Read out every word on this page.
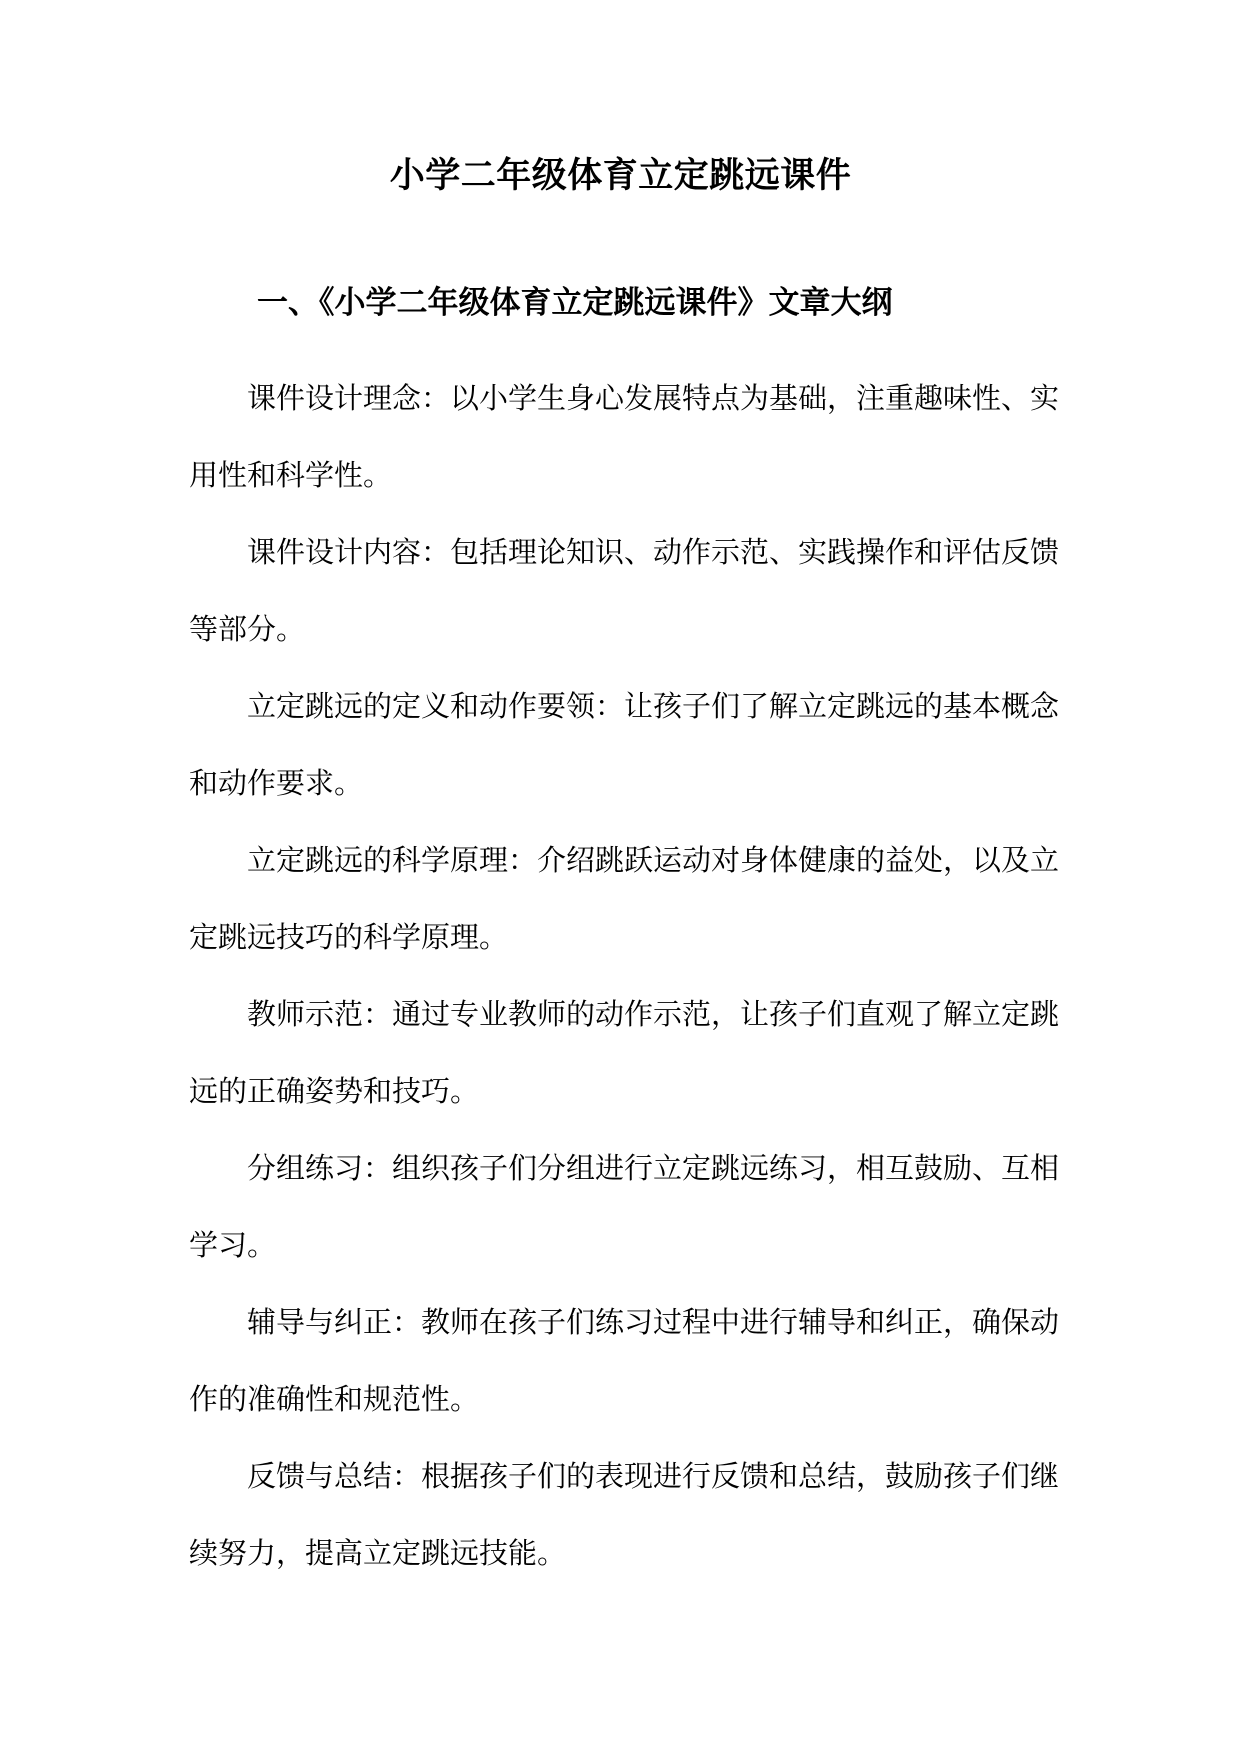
小学二年级体育立定跳远课件
一、《小学二年级体育立定跳远课件》文章大纲

课件设计理念：以小学生身心发展特点为基础，注重趣味性、实用性和科学性。

课件设计内容：包括理论知识、动作示范、实践操作和评估反馈等部分。

立定跳远的定义和动作要领：让孩子们了解立定跳远的基本概念和动作要求。

立定跳远的科学原理：介绍跳跃运动对身体健康的益处，以及立定跳远技巧的科学原理。

教师示范：通过专业教师的动作示范，让孩子们直观了解立定跳远的正确姿势和技巧。

分组练习：组织孩子们分组进行立定跳远练习，相互鼓励、互相学习。

辅导与纠正：教师在孩子们练习过程中进行辅导和纠正，确保动作的准确性和规范性。

反馈与总结：根据孩子们的表现进行反馈和总结，鼓励孩子们继续努力，提高立定跳远技能。
